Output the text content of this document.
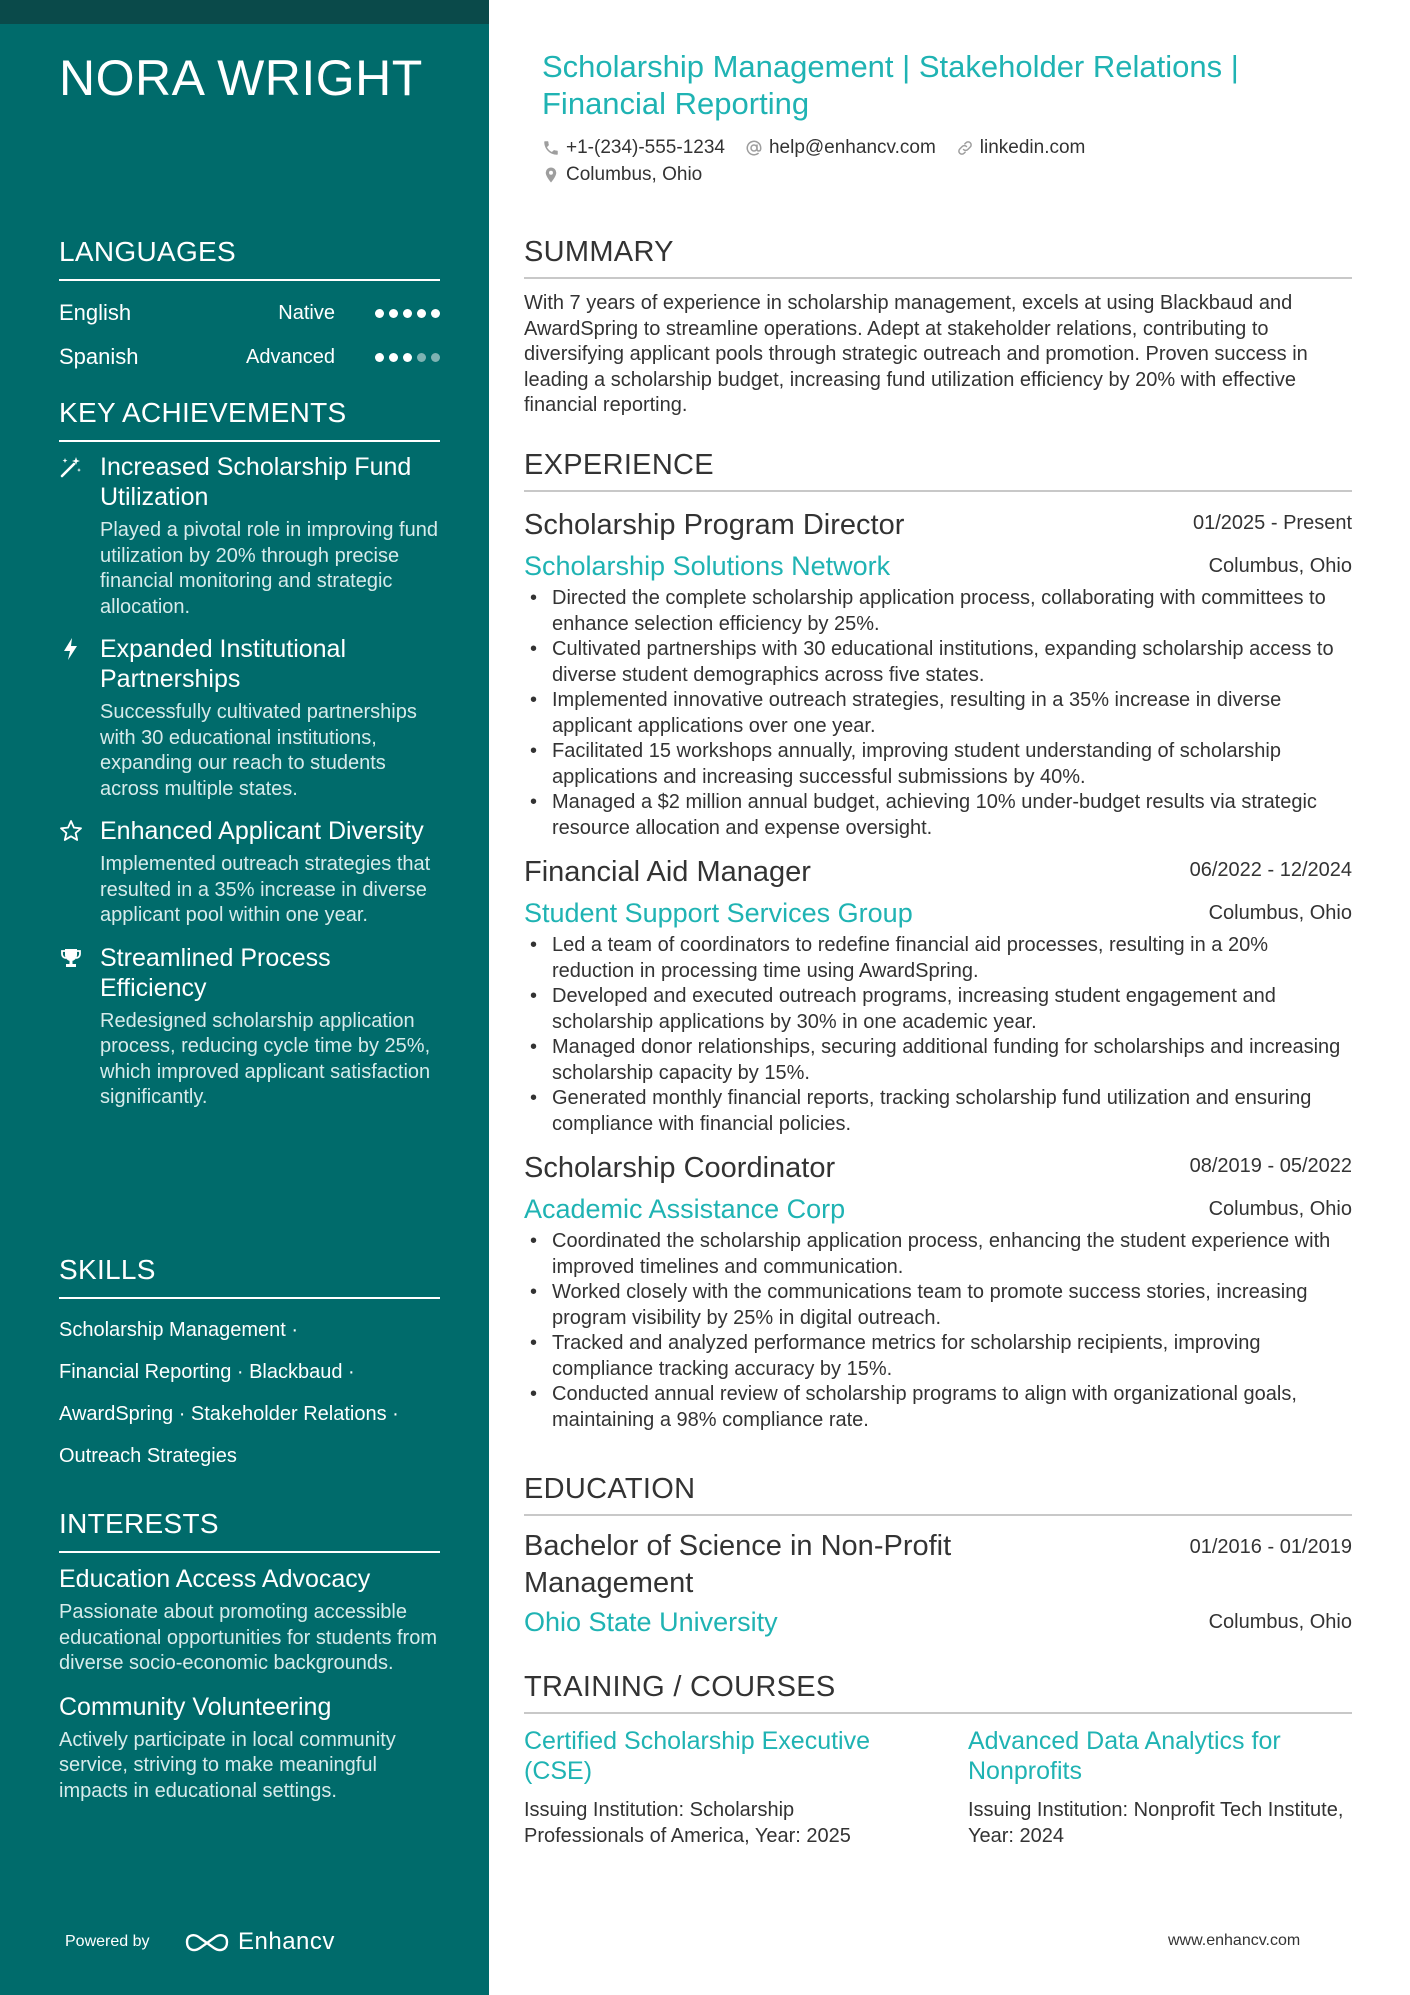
NORA WRIGHT
LANGUAGES
English	Native
Spanish	Advanced
KEY ACHIEVEMENTS
Increased Scholarship Fund Utilization
Played a pivotal role in improving fund utilization by 20% through precise financial monitoring and strategic allocation.
Expanded Institutional Partnerships
Successfully cultivated partnerships with 30 educational institutions, expanding our reach to students across multiple states.
Enhanced Applicant Diversity
Implemented outreach strategies that resulted in a 35% increase in diverse applicant pool within one year.
Streamlined Process Efficiency
Redesigned scholarship application process, reducing cycle time by 25%, which improved applicant satisfaction significantly.
SKILLS
Scholarship Management ·
Financial Reporting · Blackbaud ·
AwardSpring · Stakeholder Relations ·
Outreach Strategies
INTERESTS
Education Access Advocacy
Passionate about promoting accessible educational opportunities for students from diverse socio-economic backgrounds.
Community Volunteering
Actively participate in local community service, striving to make meaningful impacts in educational settings.
Powered by	Enhancv
Scholarship Management | Stakeholder Relations | Financial Reporting
+1-(234)-555-1234 help@enhancv.com linkedin.com
Columbus, Ohio
SUMMARY
With 7 years of experience in scholarship management, excels at using Blackbaud and AwardSpring to streamline operations. Adept at stakeholder relations, contributing to diversifying applicant pools through strategic outreach and promotion. Proven success in leading a scholarship budget, increasing fund utilization efficiency by 20% with effective financial reporting.
EXPERIENCE
Scholarship Program Director	01/2025 - Present
Scholarship Solutions Network	Columbus, Ohio
• Directed the complete scholarship application process, collaborating with committees to enhance selection efficiency by 25%.
• Cultivated partnerships with 30 educational institutions, expanding scholarship access to diverse student demographics across five states.
• Implemented innovative outreach strategies, resulting in a 35% increase in diverse applicant applications over one year.
• Facilitated 15 workshops annually, improving student understanding of scholarship applications and increasing successful submissions by 40%.
• Managed a $2 million annual budget, achieving 10% under-budget results via strategic resource allocation and expense oversight.
Financial Aid Manager	06/2022 - 12/2024
Student Support Services Group	Columbus, Ohio
• Led a team of coordinators to redefine financial aid processes, resulting in a 20% reduction in processing time using AwardSpring.
• Developed and executed outreach programs, increasing student engagement and scholarship applications by 30% in one academic year.
• Managed donor relationships, securing additional funding for scholarships and increasing scholarship capacity by 15%.
• Generated monthly financial reports, tracking scholarship fund utilization and ensuring compliance with financial policies.
Scholarship Coordinator	08/2019 - 05/2022
Academic Assistance Corp	Columbus, Ohio
• Coordinated the scholarship application process, enhancing the student experience with improved timelines and communication.
• Worked closely with the communications team to promote success stories, increasing program visibility by 25% in digital outreach.
• Tracked and analyzed performance metrics for scholarship recipients, improving compliance tracking accuracy by 15%.
• Conducted annual review of scholarship programs to align with organizational goals, maintaining a 98% compliance rate.
EDUCATION
Bachelor of Science in Non-Profit Management
01/2016 - 01/2019
Ohio State University	Columbus, Ohio
TRAINING / COURSES
Certified Scholarship Executive (CSE)
Issuing Institution: Scholarship Professionals of America, Year: 2025
Advanced Data Analytics for Nonprofits
Issuing Institution: Nonprofit Tech Institute, Year: 2024
www.enhancv.com
